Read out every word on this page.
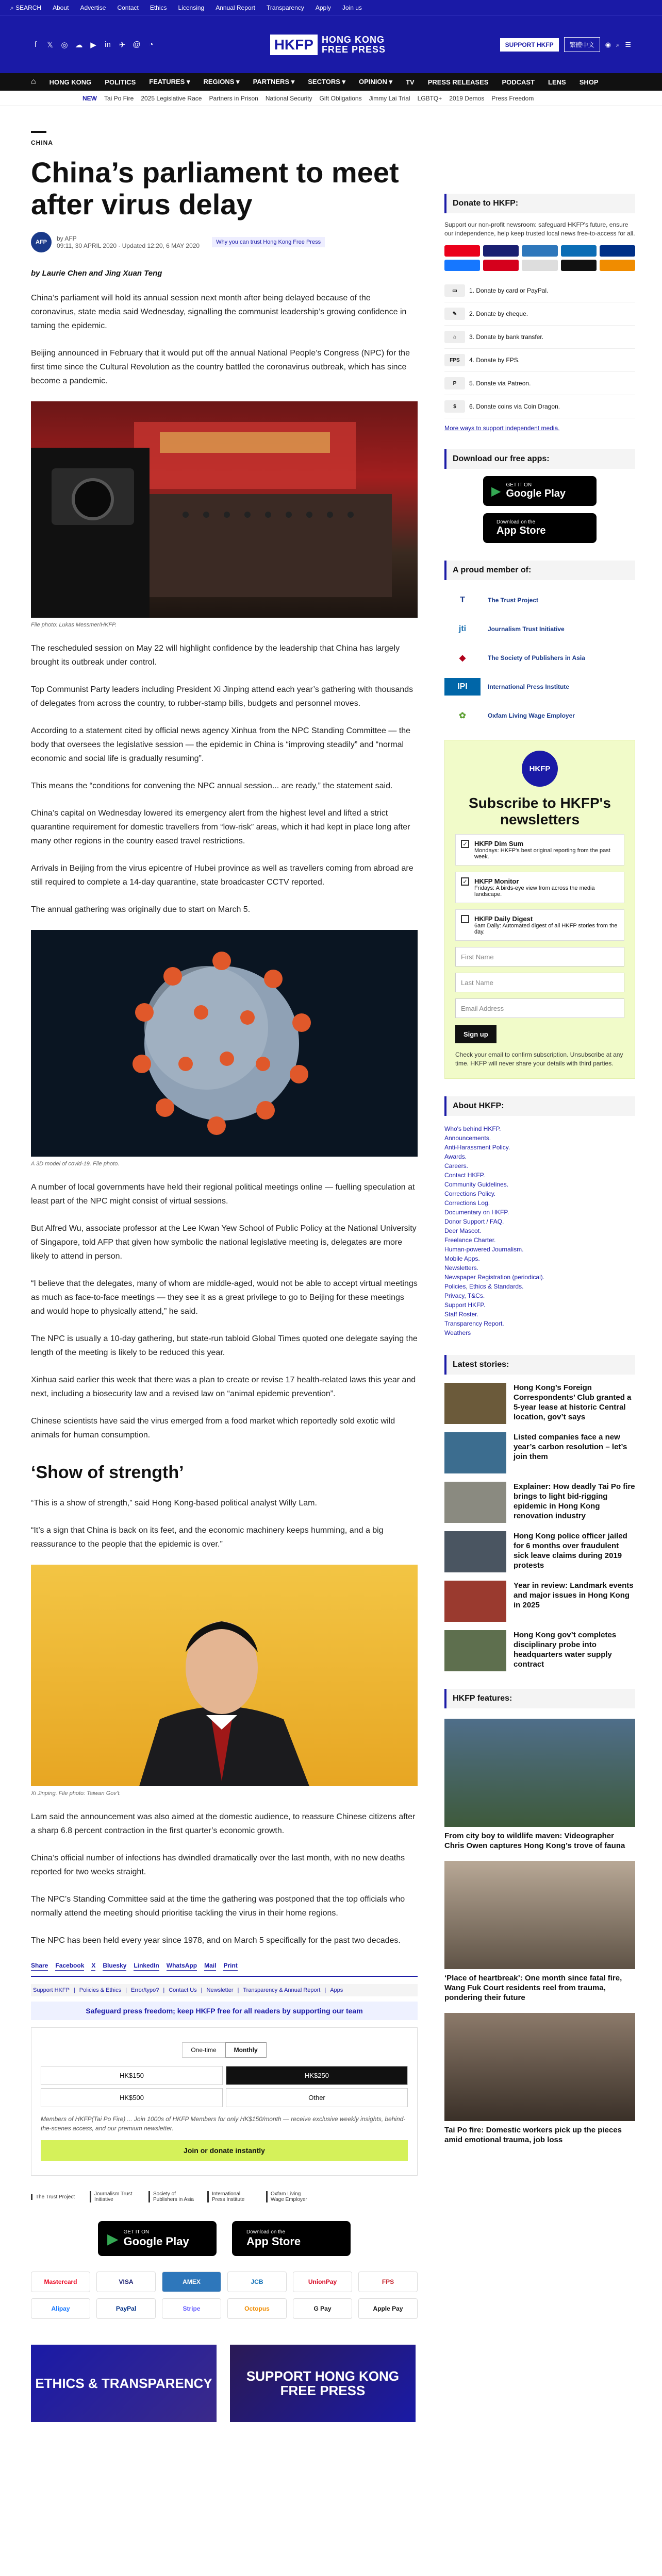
⌕ SEARCH About Advertise Contact Ethics Licensing Annual Report Transparency Apply Join us
f	𝕏 ◎ ☁ ▶ in ✈ @ ◔	HKFP HONG KONG
FREE PRESS	SUPPORT HKFP	繁體中文	◉ ⌕ ☰
⌂ HONG KONG POLITICS FEATURES ▾ REGIONS ▾ PARTNERS ▾ SECTORS ▾ OPINION ▾ TV PRESS RELEASES PODCAST LENS SHOP
NEW Tai Po Fire 2025 Legislative Race Partners in Prison National Security Gift Obligations Jimmy Lai Trial LGBTQ+ 2019 Demos Press Freedom
CHINA
China’s parliament to meet after virus delay
AFP	by AFP
09:11, 30 APRIL 2020 · Updated 12:20, 6 MAY 2020	Why you can trust Hong Kong Free Press
by Laurie Chen and Jing Xuan Teng

China’s parliament will hold its annual session next month after being delayed because of the coronavirus, state media said Wednesday, signalling the communist leadership’s growing confidence in taming the epidemic.

Beijing announced in February that it would put off the annual National People’s Congress (NPC) for the first time since the Cultural Revolution as the country battled the coronavirus outbreak, which has since become a pandemic.

File photo: Lukas Messmer/HKFP.

The rescheduled session on May 22 will highlight confidence by the leadership that China has largely brought its outbreak under control.

Top Communist Party leaders including President Xi Jinping attend each year’s gathering with thousands of delegates from across the country, to rubber-stamp bills, budgets and personnel moves.

According to a statement cited by official news agency Xinhua from the NPC Standing Committee — the body that oversees the legislative session — the epidemic in China is “improving steadily” and “normal economic and social life is gradually resuming”.

This means the “conditions for convening the NPC annual session... are ready,” the statement said.

China’s capital on Wednesday lowered its emergency alert from the highest level and lifted a strict quarantine requirement for domestic travellers from “low-risk” areas, which it had kept in place long after many other regions in the country eased travel restrictions.

Arrivals in Beijing from the virus epicentre of Hubei province as well as travellers coming from abroad are still required to complete a 14-day quarantine, state broadcaster CCTV reported.

The annual gathering was originally due to start on March 5.

A 3D model of covid-19. File photo.

A number of local governments have held their regional political meetings online — fuelling speculation at least part of the NPC might consist of virtual sessions.

But Alfred Wu, associate professor at the Lee Kwan Yew School of Public Policy at the National University of Singapore, told AFP that given how symbolic the national legislative meeting is, delegates are more likely to attend in person.

“I believe that the delegates, many of whom are middle-aged, would not be able to accept virtual meetings as much as face-to-face meetings — they see it as a great privilege to go to Beijing for these meetings and would hope to physically attend,” he said.

The NPC is usually a 10-day gathering, but state-run tabloid Global Times quoted one delegate saying the length of the meeting is likely to be reduced this year.

Xinhua said earlier this week that there was a plan to create or revise 17 health-related laws this year and next, including a biosecurity law and a revised law on “animal epidemic prevention”.

Chinese scientists have said the virus emerged from a food market which reportedly sold exotic wild animals for human consumption.

‘Show of strength’

“This is a show of strength,” said Hong Kong-based political analyst Willy Lam.

“It’s a sign that China is back on its feet, and the economic machinery keeps humming, and a big reassurance to the people that the epidemic is over.”

Xi Jinping. File photo: Taiwan Gov’t.

Lam said the announcement was also aimed at the domestic audience, to reassure Chinese citizens after a sharp 6.8 percent contraction in the first quarter’s economic growth.

China’s official number of infections has dwindled dramatically over the last month, with no new deaths reported for two weeks straight.

The NPC’s Standing Committee said at the time the gathering was postponed that the top officials who normally attend the meeting should prioritise tackling the virus in their home regions.

The NPC has been held every year since 1978, and on March 5 specifically for the past two decades.

Share Facebook X Bluesky LinkedIn WhatsApp Mail Print
Support HKFP | Policies & Ethics | Error/typo? | Contact Us | Newsletter | Transparency & Annual Report | Apps
Safeguard press freedom; keep HKFP free for all readers by supporting our team
One-time	Monthly
HK$150	HK$250
HK$500	Other
Members of HKFP(Tai Po Fire) ... Join 1000s of HKFP Members for only HK$150/month — receive exclusive weekly insights, behind-the-scenes access, and our premium newsletter.
Join or donate instantly
The Trust Project	Journalism Trust Initiative
Society of Publishers in Asia
International Press Institute
Oxfam Living Wage Employer
▶ GET IT ON
Google Play
Download on the
App Store
Mastercard	VISA	AMEX	JCB	UnionPay	FPS
Alipay	PayPal	Stripe	Octopus	G Pay	Apple Pay
ETHICS & TRANSPARENCY	SUPPORT HONG KONG FREE PRESS
Donate to HKFP:
Support our non-profit newsroom: safeguard HKFP's future, ensure our independence, help keep trusted local news free-to-access for all.
▭	1. Donate by card or PayPal.
✎	2. Donate by cheque.
⌂	3. Donate by bank transfer.
FPS	4. Donate by FPS.
P	5. Donate via Patreon.
$	6. Donate coins via Coin Dragon.
More ways to support independent media.
Download our free apps:
▶ GET IT ON
Google Play
Download on the
App Store
A proud member of:
T	The Trust Project
jti	Journalism Trust Initiative
◆	The Society of Publishers in Asia
IPI	International Press Institute
✿	Oxfam Living Wage Employer
HKFP
Subscribe to HKFP's newsletters
✓ HKFP Dim Sum
Mondays: HKFP's best original reporting from the past week.
✓ HKFP Monitor
Fridays: A birds-eye view from across the media landscape.
HKFP Daily Digest
6am Daily: Automated digest of all HKFP stories from the day.
First Name
Last Name
Email Address
Sign up
Check your email to confirm subscription. Unsubscribe at any time. HKFP will never share your details with third parties.
About HKFP:
Who's behind HKFP.
Announcements.
Anti-Harassment Policy.
Awards.
Careers.
Contact HKFP.
Community Guidelines.
Corrections Policy.
Corrections Log.
Documentary on HKFP.
Donor Support / FAQ.
Deer Mascot.
Freelance Charter.
Human-powered Journalism.
Mobile Apps.
Newsletters.
Newspaper Registration (periodical).
Policies, Ethics & Standards.
Privacy, T&Cs.
Support HKFP.
Staff Roster.
Transparency Report.
Weathers
Latest stories:
Hong Kong’s Foreign Correspondents’ Club granted a 5-year lease at historic Central location, gov’t says
Listed companies face a new year’s carbon resolution – let’s join them
Explainer: How deadly Tai Po fire brings to light bid-rigging epidemic in Hong Kong renovation industry
Hong Kong police officer jailed for 6 months over fraudulent sick leave claims during 2019 protests
Year in review: Landmark events and major issues in Hong Kong in 2025
Hong Kong gov’t completes disciplinary probe into headquarters water supply contract
HKFP features:
From city boy to wildlife maven: Videographer Chris Owen captures Hong Kong’s trove of fauna
‘Place of heartbreak’: One month since fatal fire, Wang Fuk Court residents reel from trauma, pondering their future
Tai Po fire: Domestic workers pick up the pieces amid emotional trauma, job loss
